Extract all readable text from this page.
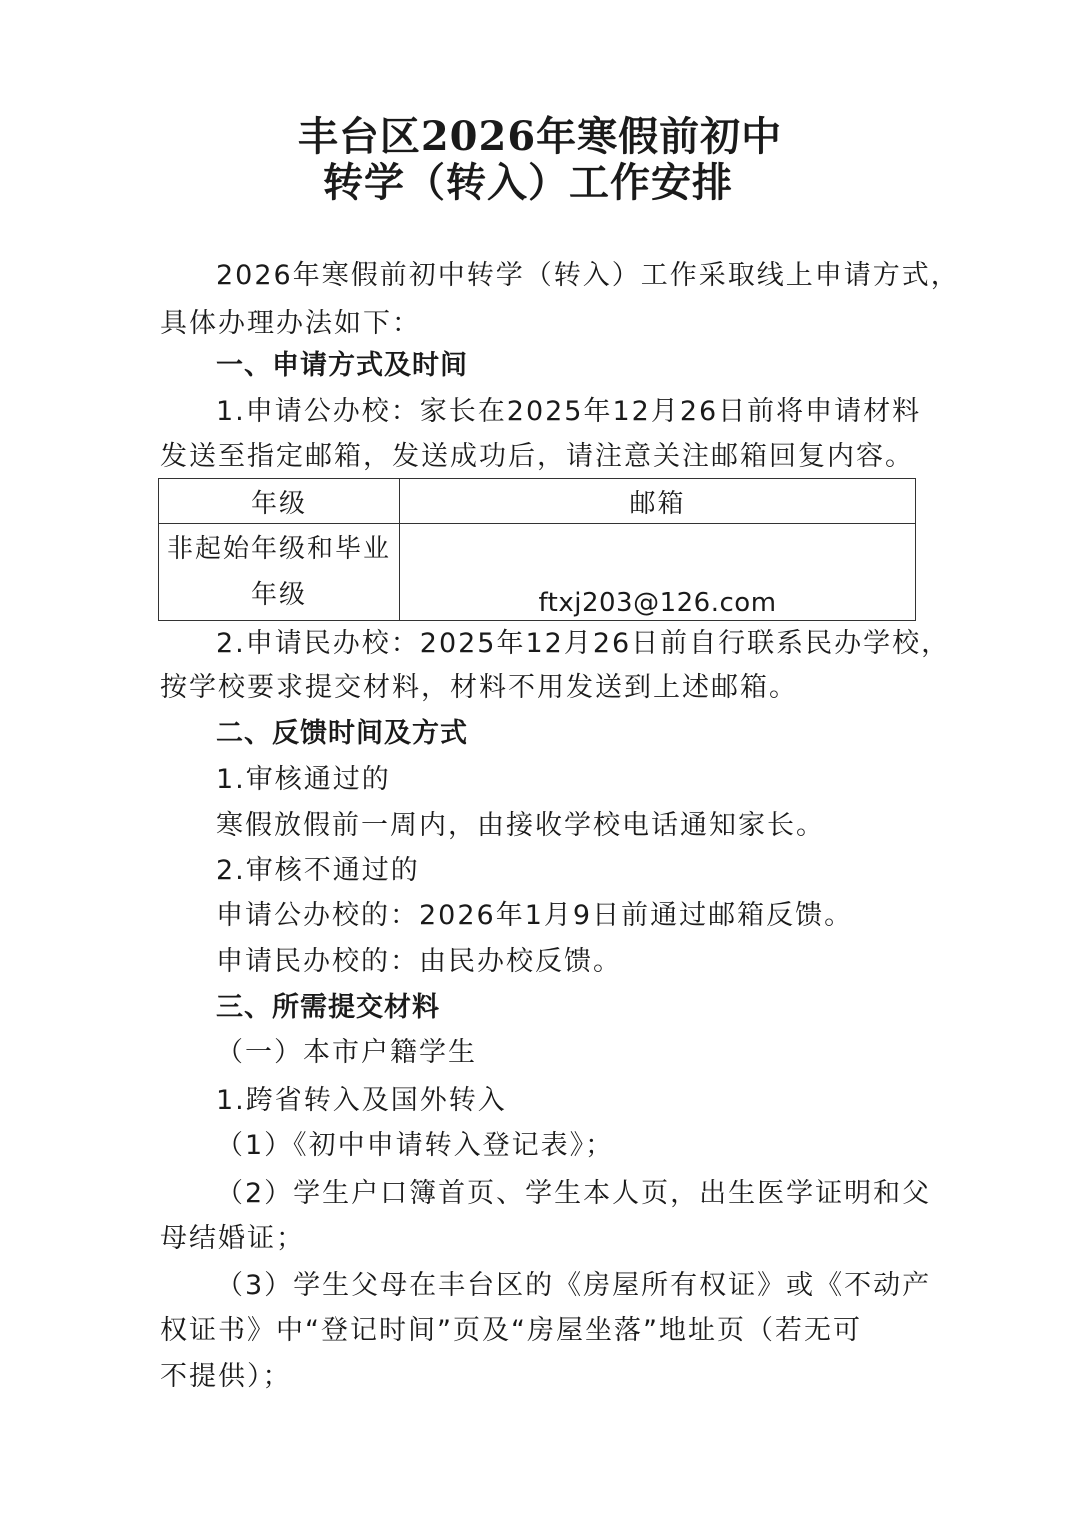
丰台区2026年寒假前初中
转学（转入）工作安排
2026年寒假前初中转学（转入）工作采取线上申请方式，
具体办理办法如下：
一、申请方式及时间
1.申请公办校：家长在2025年12月26日前将申请材料
发送至指定邮箱，发送成功后，请注意关注邮箱回复内容。
年级	邮箱
非起始年级和毕业年级	ftxj203@126.com
2.申请民办校：2025年12月26日前自行联系民办学校，
按学校要求提交材料，材料不用发送到上述邮箱。
二、反馈时间及方式
1.审核通过的
寒假放假前一周内，由接收学校电话通知家长。
2.审核不通过的
申请公办校的：2026年1月9日前通过邮箱反馈。
申请民办校的：由民办校反馈。
三、所需提交材料
（一）本市户籍学生
1.跨省转入及国外转入
（1）《初中申请转入登记表》；
（2）学生户口簿首页、学生本人页，出生医学证明和父
母结婚证；
（3）学生父母在丰台区的《房屋所有权证》或《不动产
权证书》中“登记时间”页及“房屋坐落”地址页（若无可
不提供）；
